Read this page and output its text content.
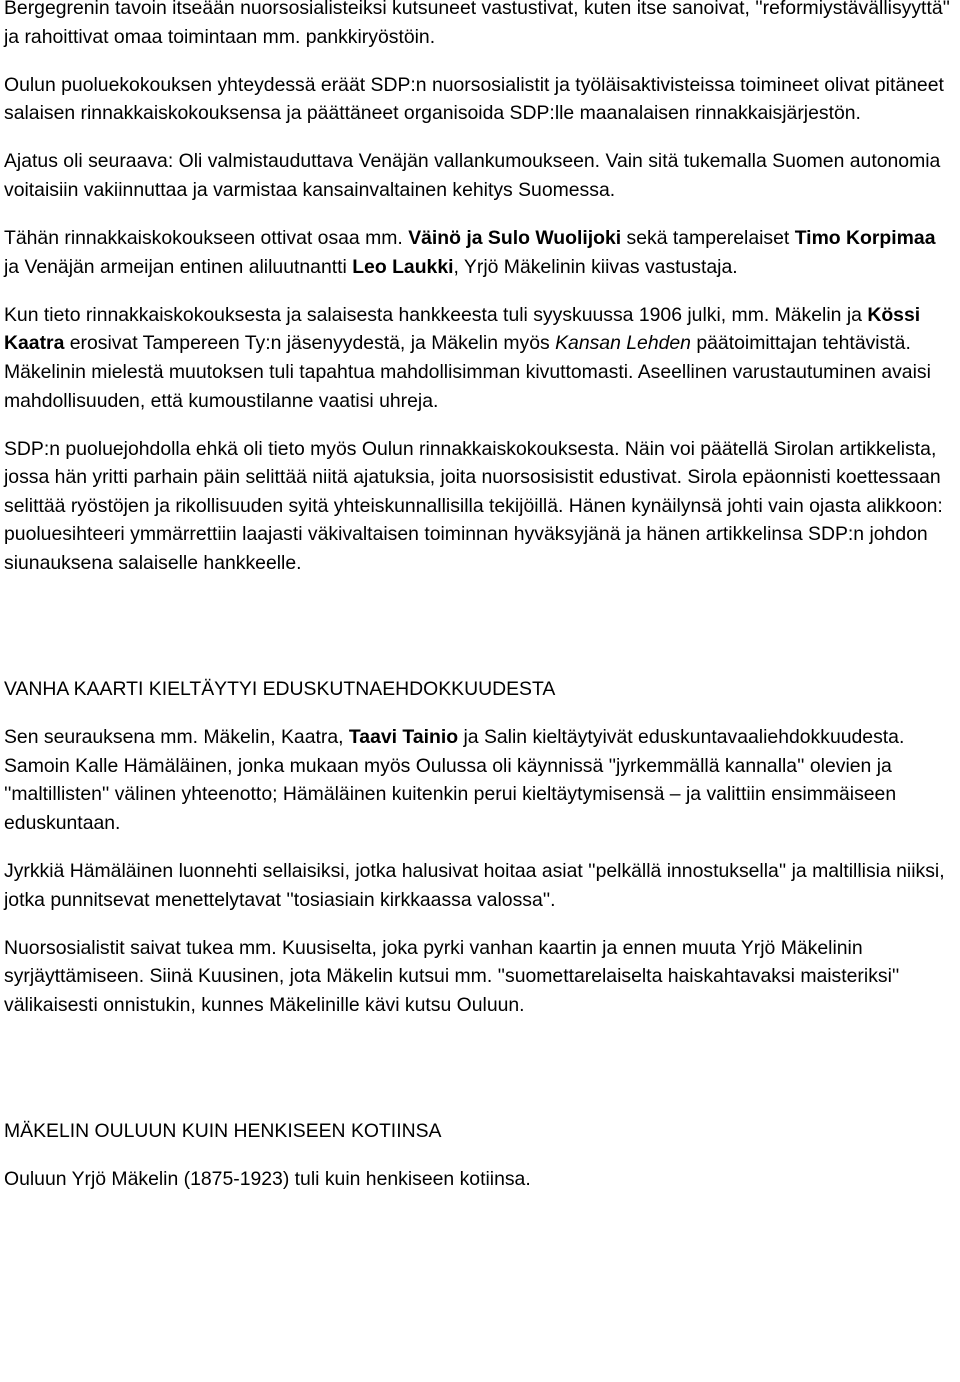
Bergegrenin tavoin itseään nuorsosialisteiksi kutsuneet vastustivat, kuten itse sanoivat, ''reformiystävällisyyttä'' ja rahoittivat omaa toimintaan mm. pankkiryöstöin.

Oulun puoluekokouksen yhteydessä eräät SDP:n nuorsosialistit ja työläisaktivisteissa toimineet olivat pitäneet salaisen rinnakkaiskokouksensa ja päättäneet organisoida SDP:lle maanalaisen rinnakkaisjärjestön.

Ajatus oli seuraava: Oli valmistauduttava Venäjän vallankumoukseen. Vain sitä tukemalla Suomen autonomia voitaisiin vakiinnuttaa ja varmistaa kansainvaltainen kehitys Suomessa.

Tähän rinnakkaiskokoukseen ottivat osaa mm. Väinö ja Sulo Wuolijoki sekä tamperelaiset Timo Korpimaa ja Venäjän armeijan entinen aliluutnantti Leo Laukki, Yrjö Mäkelinin kiivas vastustaja.

Kun tieto rinnakkaiskokouksesta ja salaisesta hankkeesta tuli syyskuussa 1906 julki, mm. Mäkelin ja Kössi Kaatra erosivat Tampereen Ty:n jäsenyydestä, ja Mäkelin myös Kansan Lehden päätoimittajan tehtävistä. Mäkelinin mielestä muutoksen tuli tapahtua mahdollisimman kivuttomasti. Aseellinen varustautuminen avaisi mahdollisuuden, että kumoustilanne vaatisi uhreja.

SDP:n puoluejohdolla ehkä oli tieto myös Oulun rinnakkaiskokouksesta. Näin voi päätellä Sirolan artikkelista, jossa hän yritti parhain päin selittää niitä ajatuksia, joita nuorsosisistit edustivat. Sirola epäonnisti koettessaan selittää ryöstöjen ja rikollisuuden syitä yhteiskunnallisilla tekijöillä. Hänen kynäilynsä johti vain ojasta alikkoon: puoluesihteeri ymmärrettiin laajasti väkivaltaisen toiminnan hyväksyjänä ja hänen artikkelinsa SDP:n johdon siunauksena salaiselle hankkeelle.

VANHA KAARTI KIELTÄYTYI EDUSKUTNAEHDOKKUUDESTA

Sen seurauksena mm. Mäkelin, Kaatra, Taavi Tainio ja Salin kieltäytyivät eduskuntavaaliehdokkuudesta. Samoin Kalle Hämäläinen, jonka mukaan myös Oulussa oli käynnissä ''jyrkemmällä kannalla'' olevien ja ''maltillisten'' välinen yhteenotto; Hämäläinen kuitenkin perui kieltäytymisensä – ja valittiin ensimmäiseen eduskuntaan.

Jyrkkiä Hämäläinen luonnehti sellaisiksi, jotka halusivat hoitaa asiat ''pelkällä innostuksella'' ja maltillisia niiksi, jotka punnitsevat menettelytavat ''tosiasiain kirkkaassa valossa''.

Nuorsosialistit saivat tukea mm. Kuusiselta, joka pyrki vanhan kaartin ja ennen muuta Yrjö Mäkelinin syrjäyttämiseen. Siinä Kuusinen, jota Mäkelin kutsui mm. ''suomettarelaiselta haiskahtavaksi maisteriksi'' välikaisesti onnistukin, kunnes Mäkelinille kävi kutsu Ouluun.

MÄKELIN OULUUN KUIN HENKISEEN KOTIINSA

Ouluun Yrjö Mäkelin (1875-1923) tuli kuin henkiseen kotiinsa.
